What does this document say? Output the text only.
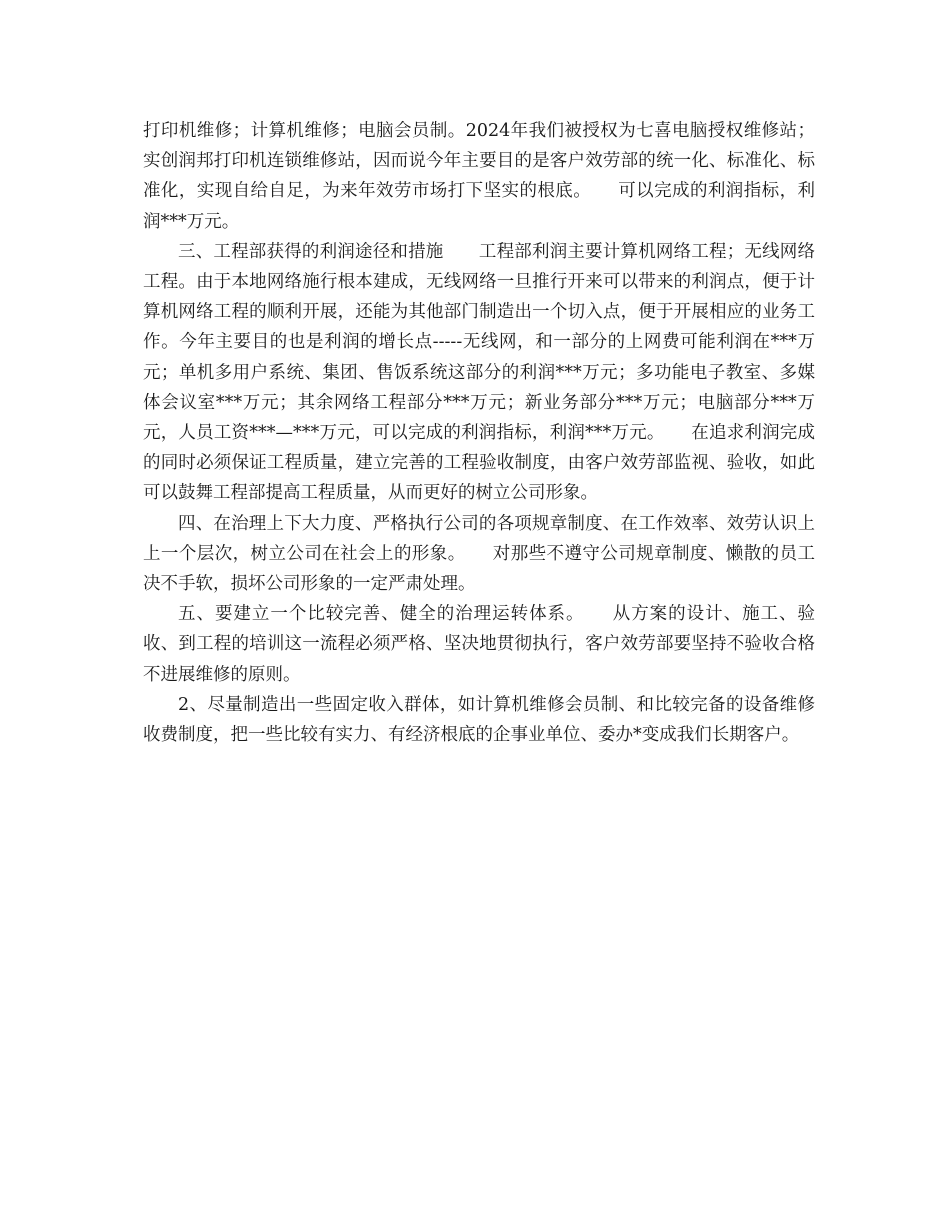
打印机维修；计算机维修；电脑会员制。2024年我们被授权为七喜电脑授权维修站；实创润邦打印机连锁维修站，因而说今年主要目的是客户效劳部的统一化、标准化、标准化，实现自给自足，为来年效劳市场打下坚实的根底。　　可以完成的利润指标，利润***万元。

三、工程部获得的利润途径和措施　　工程部利润主要计算机网络工程；无线网络工程。由于本地网络施行根本建成，无线网络一旦推行开来可以带来的利润点，便于计算机网络工程的顺利开展，还能为其他部门制造出一个切入点，便于开展相应的业务工作。今年主要目的也是利润的增长点-----无线网，和一部分的上网费可能利润在***万元；单机多用户系统、集团、售饭系统这部分的利润***万元；多功能电子教室、多媒体会议室***万元；其余网络工程部分***万元；新业务部分***万元；电脑部分***万元，人员工资***—***万元，可以完成的利润指标，利润***万元。　　在追求利润完成的同时必须保证工程质量，建立完善的工程验收制度，由客户效劳部监视、验收，如此可以鼓舞工程部提高工程质量，从而更好的树立公司形象。

四、在治理上下大力度、严格执行公司的各项规章制度、在工作效率、效劳认识上上一个层次，树立公司在社会上的形象。　　对那些不遵守公司规章制度、懒散的员工决不手软，损坏公司形象的一定严肃处理。

五、要建立一个比较完善、健全的治理运转体系。　　从方案的设计、施工、验收、到工程的培训这一流程必须严格、坚决地贯彻执行，客户效劳部要坚持不验收合格不进展维修的原则。

2、尽量制造出一些固定收入群体，如计算机维修会员制、和比较完备的设备维修收费制度，把一些比较有实力、有经济根底的企事业单位、委办*变成我们长期客户。
